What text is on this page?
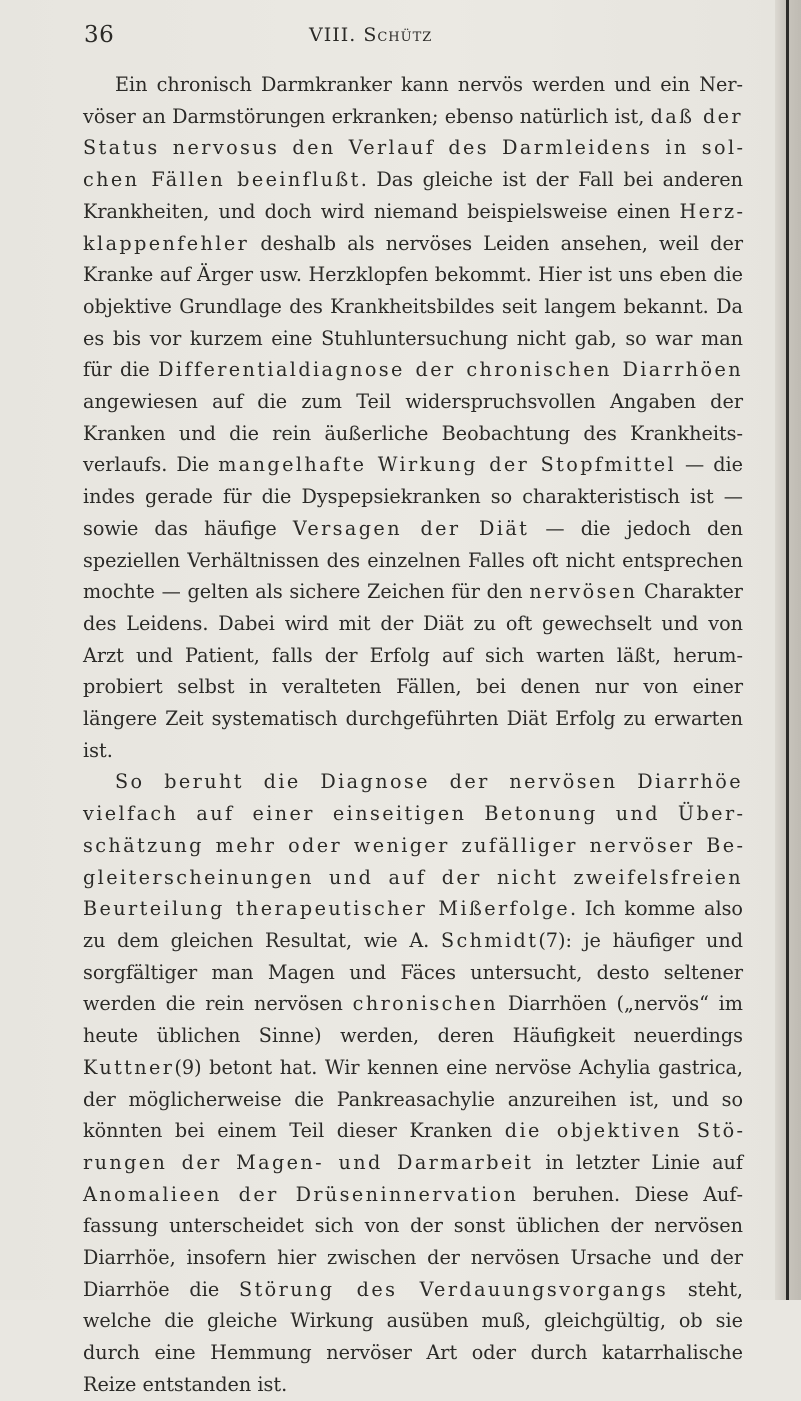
36	VIII. Schütz

Ein chronisch Darmkranker kann nervös werden und ein Nervöser an Darmstörungen erkranken; ebenso natürlich ist, daß der Status nervosus den Verlauf des Darmleidens in solchen Fällen beeinflußt. Das gleiche ist der Fall bei anderen Krankheiten, und doch wird niemand beispielsweise einen Herzklappenfehler deshalb als nervöses Leiden ansehen, weil der Kranke auf Ärger usw. Herzklopfen bekommt. Hier ist uns eben die objektive Grundlage des Krankheitsbildes seit langem bekannt. Da es bis vor kurzem eine Stuhluntersuchung nicht gab, so war man für die Differentialdiagnose der chronischen Diarrhöen angewiesen auf die zum Teil widerspruchsvollen Angaben der Kranken und die rein äußerliche Beobachtung des Krankheitsverlaufs. Die mangelhafte Wirkung der Stopfmittel — die indes gerade für die Dyspepsiekranken so charakteristisch ist — sowie das häufige Versagen der Diät — die jedoch den speziellen Verhältnissen des einzelnen Falles oft nicht entsprechen mochte — gelten als sichere Zeichen für den nervösen Charakter des Leidens. Dabei wird mit der Diät zu oft gewechselt und von Arzt und Patient, falls der Erfolg auf sich warten läßt, herumprobiert selbst in veralteten Fällen, bei denen nur von einer längere Zeit systematisch durchgeführten Diät Erfolg zu erwarten ist.

So beruht die Diagnose der nervösen Diarrhöe vielfach auf einer einseitigen Betonung und Überschätzung mehr oder weniger zufälliger nervöser Begleiterscheinungen und auf der nicht zweifelsfreien Beurteilung therapeutischer Mißerfolge. Ich komme also zu dem gleichen Resultat, wie A. Schmidt(7): je häufiger und sorgfältiger man Magen und Fäces untersucht, desto seltener werden die rein nervösen chronischen Diarrhöen („nervös“ im heute üblichen Sinne) werden, deren Häufigkeit neuerdings Kuttner(9) betont hat. Wir kennen eine nervöse Achylia gastrica, der möglicherweise die Pankreasachylie anzureihen ist, und so könnten bei einem Teil dieser Kranken die objektiven Störungen der Magen- und Darmarbeit in letzter Linie auf Anomalieen der Drüseninnervation beruhen. Diese Auffassung unterscheidet sich von der sonst üblichen der nervösen Diarrhöe, insofern hier zwischen der nervösen Ursache und der Diarrhöe die Störung des Verdauungsvorgangs steht, welche die gleiche Wirkung ausüben muß, gleichgültig, ob sie durch eine Hemmung nervöser Art oder durch katarrhalische Reize entstanden ist.
